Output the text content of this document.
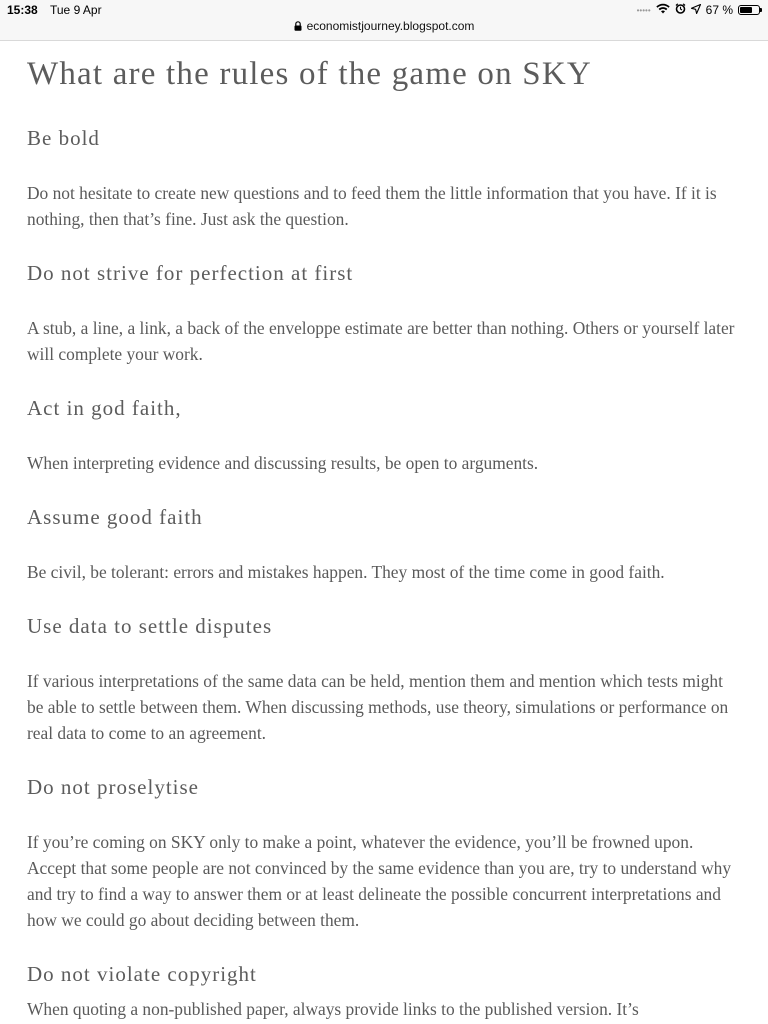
15:38 Tue 9 Apr	•••••	67 %
economistjourney.blogspot.com
What are the rules of the game on SKY
Be bold

Do not hesitate to create new questions and to feed them the little information that you have. If it is nothing, then that’s fine. Just ask the question.

Do not strive for perfection at first

A stub, a line, a link, a back of the enveloppe estimate are better than nothing. Others or yourself later will complete your work.

Act in god faith,

When interpreting evidence and discussing results, be open to arguments.

Assume good faith

Be civil, be tolerant: errors and mistakes happen. They most of the time come in good faith.

Use data to settle disputes

If various interpretations of the same data can be held, mention them and mention which tests might be able to settle between them. When discussing methods, use theory, simulations or performance on real data to come to an agreement.

Do not proselytise

If you’re coming on SKY only to make a point, whatever the evidence, you’ll be frowned upon. Accept that some people are not convinced by the same evidence than you are, try to understand why and try to find a way to answer them or at least delineate the possible concurrent interpretations and how we could go about deciding between them.

Do not violate copyright

When quoting a non-published paper, always provide links to the published version. It’s
